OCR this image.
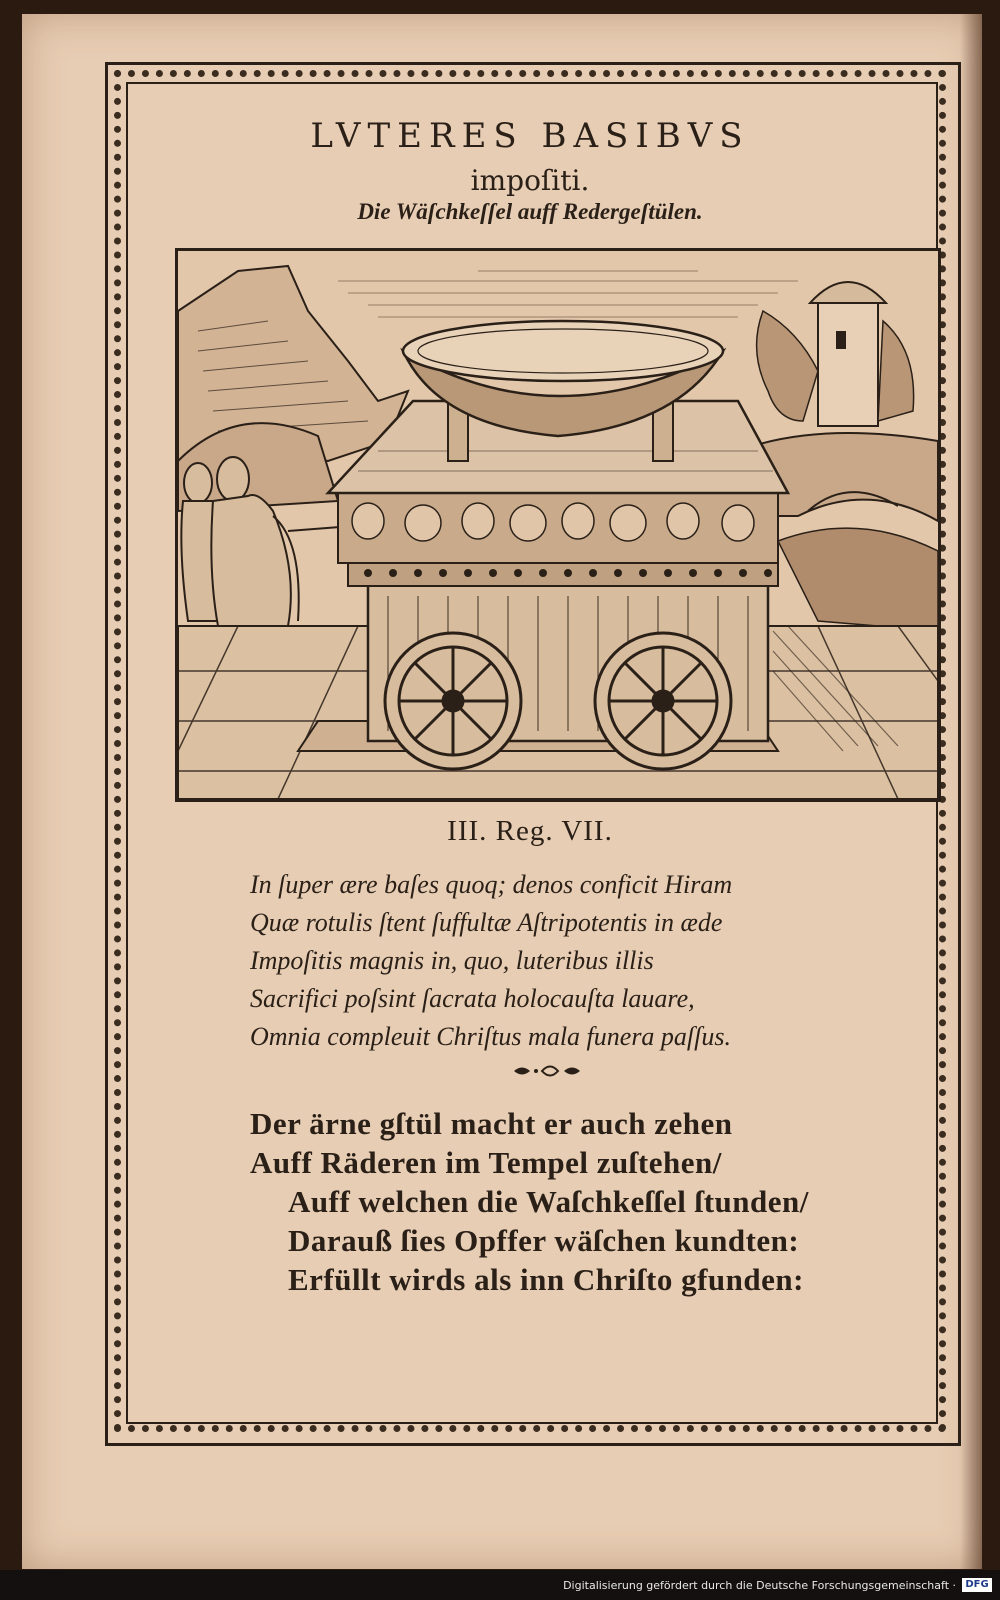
LVTERES BASIBVS
impoſiti.
Die Wäſchkeſſel auff Redergeſtülen.
III. Reg. VII.
In ſuper ære baſes quoq; denos conficit Hiram
Quæ rotulis ſtent ſuffultæ Aſtripotentis in æde
Impoſitis magnis in, quo, luteribus illis
Sacrifici poſsint ſacrata holocauſta lauare,
Omnia compleuit Chriſtus mala funera paſſus.
Der ärne gſtül macht er auch zehen
Auff Räderen im Tempel zuſtehen/
Auff welchen die Waſchkeſſel ſtunden/
Darauß ſies Opffer wäſchen kundten:
Erfüllt wirds als inn Chriſto gfunden:
Digitalisierung gefördert durch die Deutsche Forschungsgemeinschaft · DFG
